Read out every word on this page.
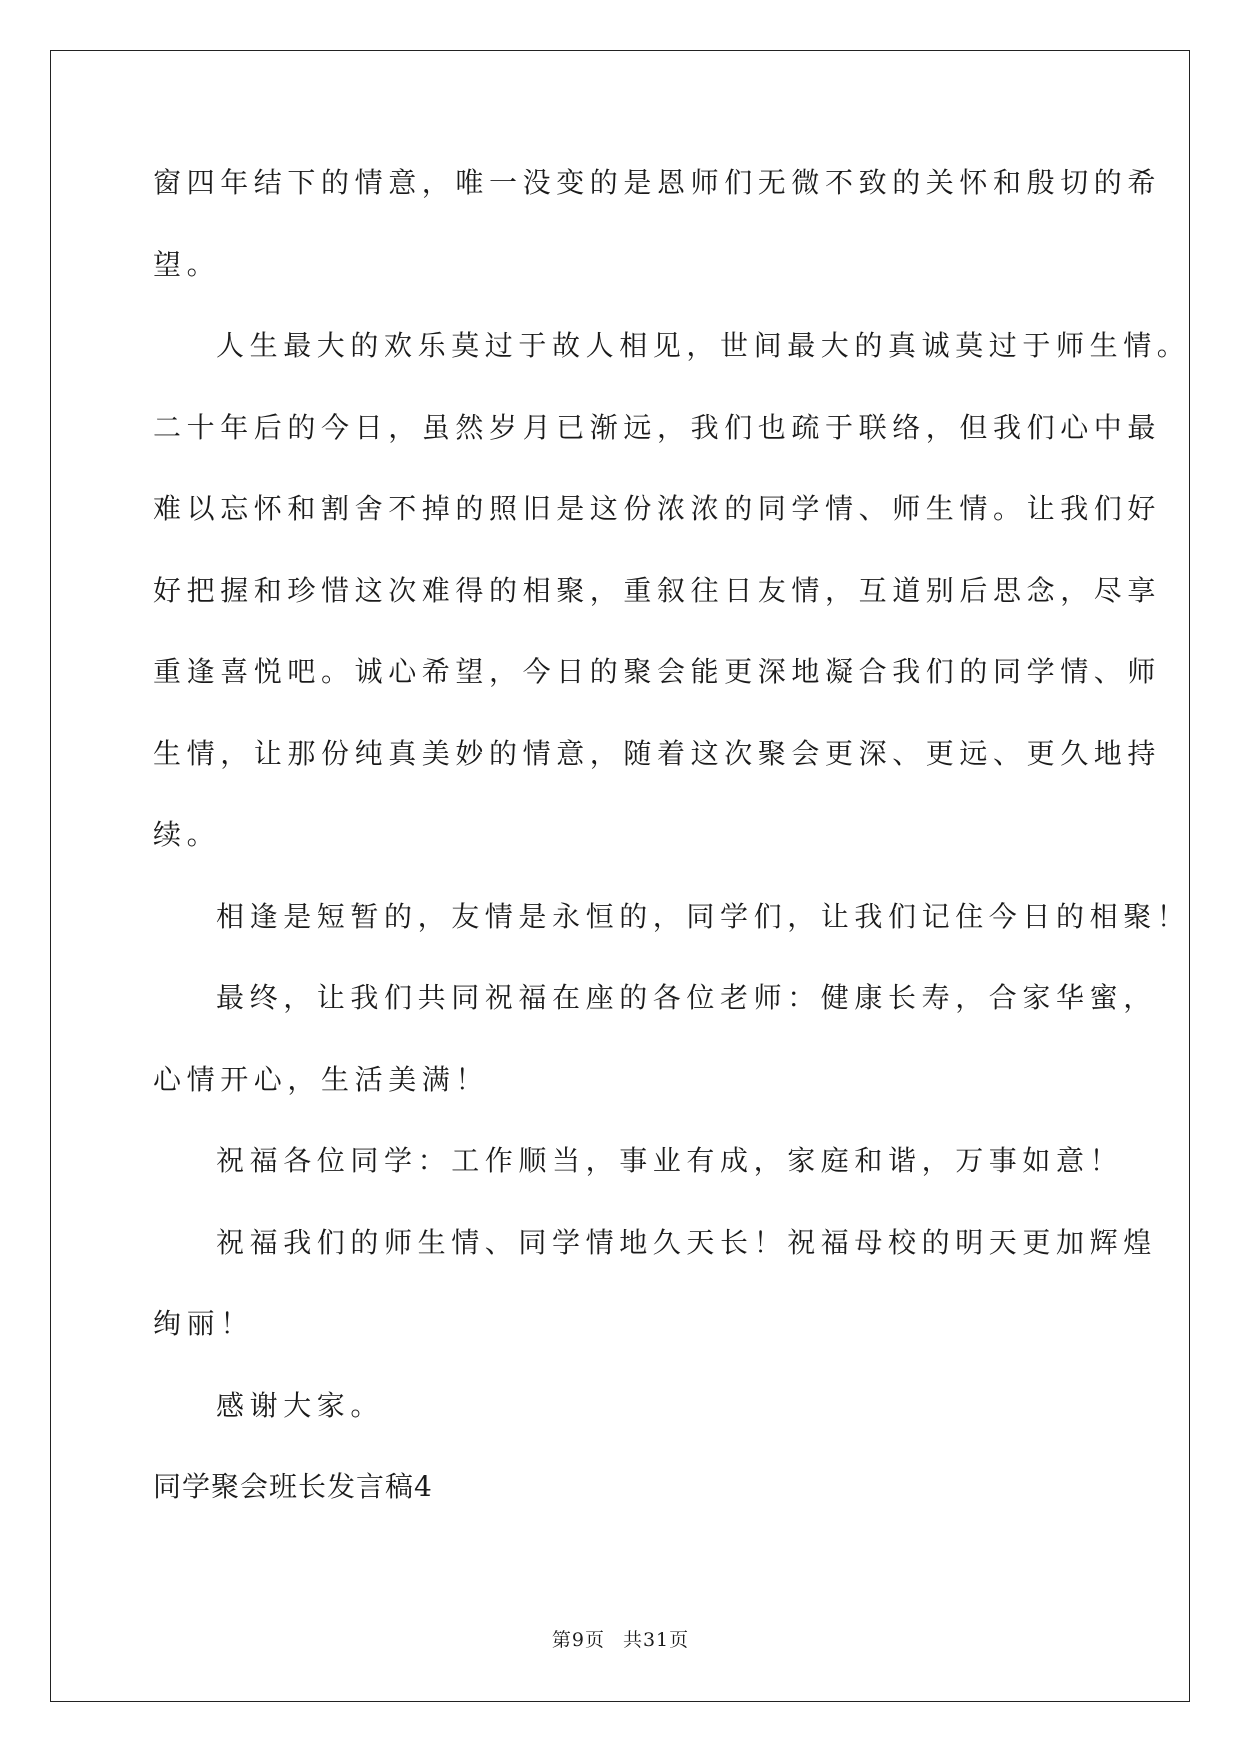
窗四年结下的情意，唯一没变的是恩师们无微不致的关怀和殷切的希
望。
人生最大的欢乐莫过于故人相见，世间最大的真诚莫过于师生情。
二十年后的今日，虽然岁月已渐远，我们也疏于联络，但我们心中最
难以忘怀和割舍不掉的照旧是这份浓浓的同学情、师生情。让我们好
好把握和珍惜这次难得的相聚，重叙往日友情，互道别后思念，尽享
重逢喜悦吧。诚心希望，今日的聚会能更深地凝合我们的同学情、师
生情，让那份纯真美妙的情意，随着这次聚会更深、更远、更久地持
续。
相逢是短暂的，友情是永恒的，同学们，让我们记住今日的相聚！
最终，让我们共同祝福在座的各位老师：健康长寿，合家华蜜，
心情开心，生活美满！
祝福各位同学：工作顺当，事业有成，家庭和谐，万事如意！
祝福我们的师生情、同学情地久天长！祝福母校的明天更加辉煌
绚丽！
感谢大家。
同学聚会班长发言稿4
第9页 共31页
